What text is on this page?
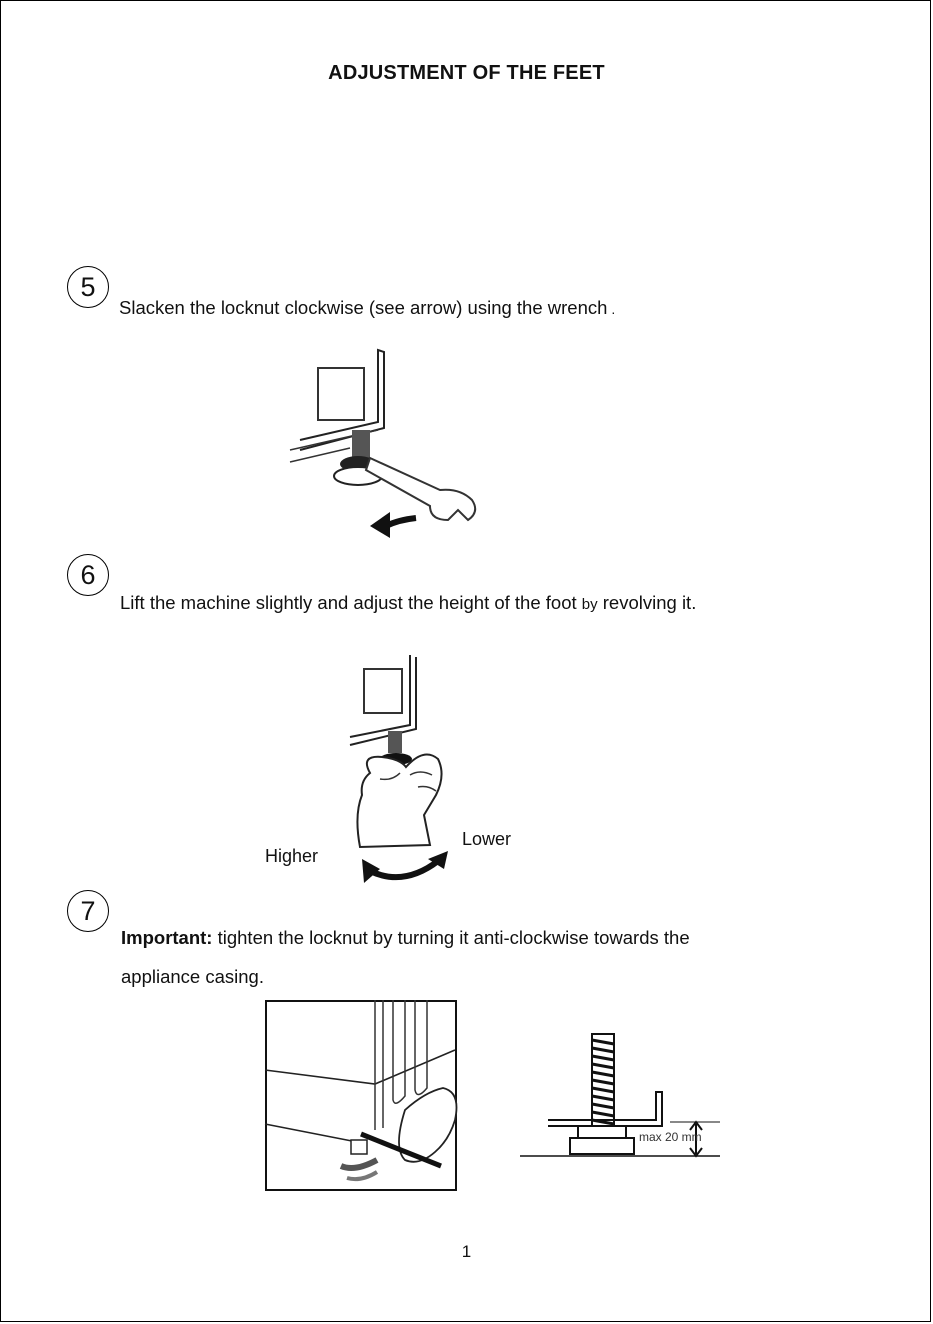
ADJUSTMENT OF THE FEET
5
Slacken the locknut clockwise (see arrow) using the wrench .
6
Lift the machine slightly and adjust the height of the foot by revolving it.
Higher
Lower
7
Important: tighten the locknut by turning it anti-clockwise towards the
appliance casing.
max 20 mm
1
